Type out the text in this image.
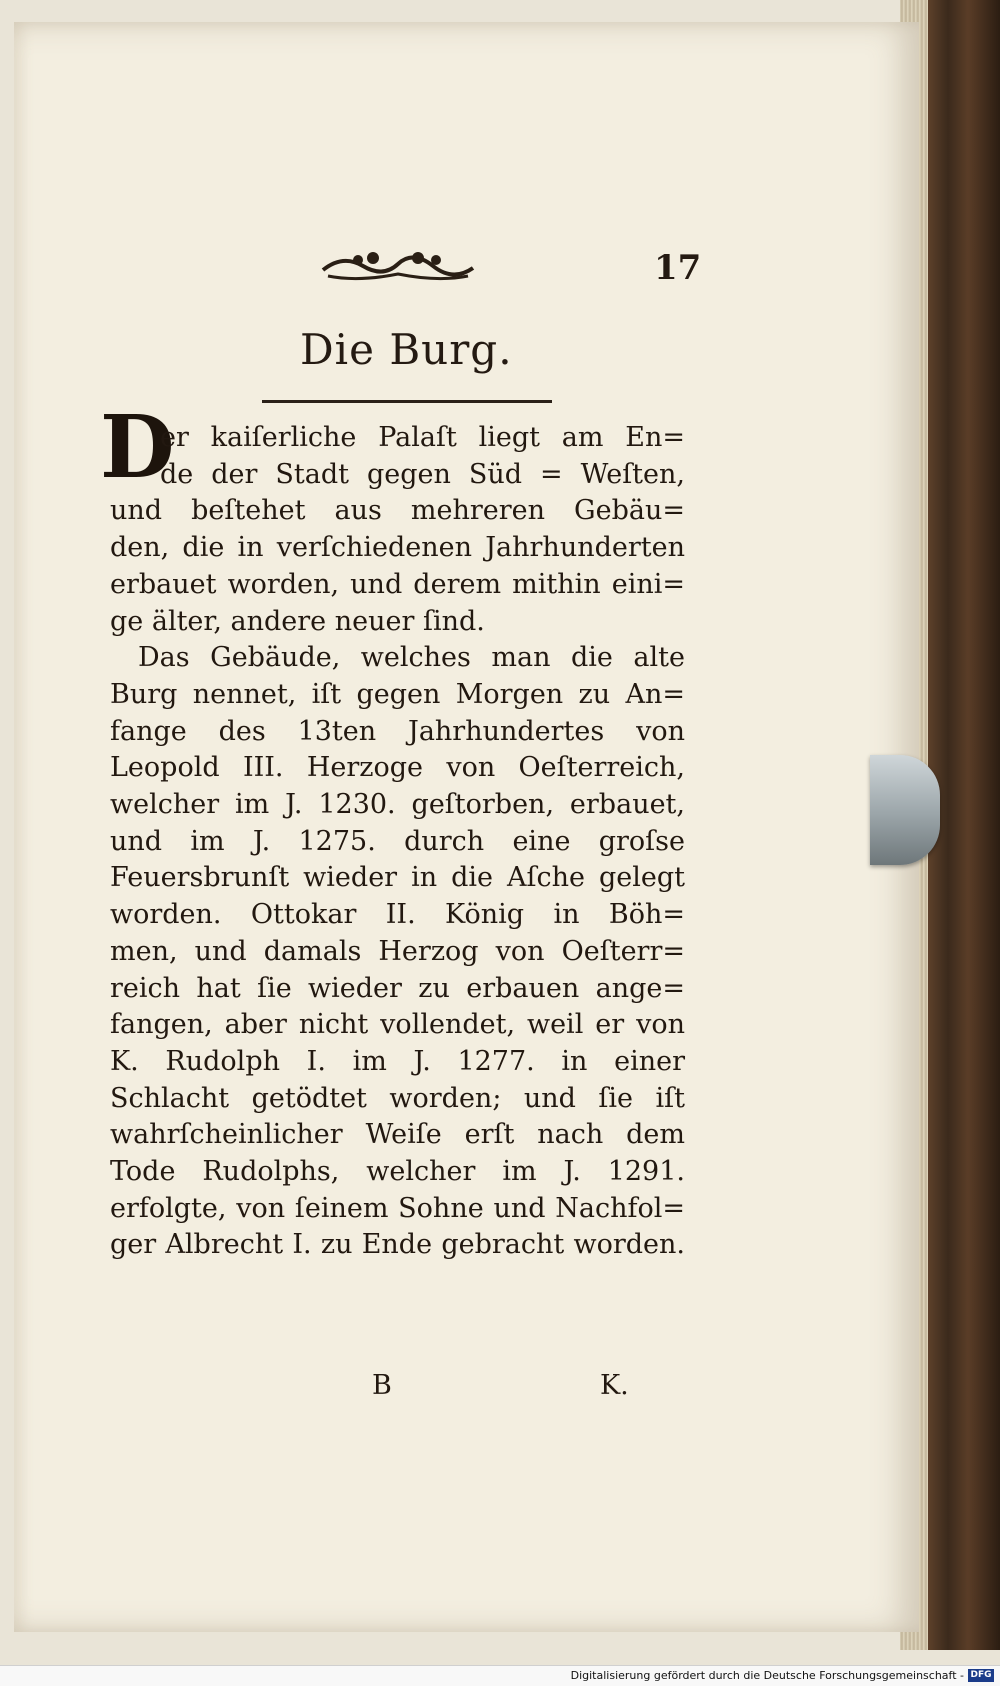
17
Die Burg.
D
er kaiſerliche Palaſt liegt am En=
de der Stadt gegen Süd = Weſten,
und beſtehet aus mehreren Gebäu=
den, die in verſchiedenen Jahrhunderten
erbauet worden, und derem mithin eini=
ge älter, andere neuer ſind.
Das Gebäude, welches man die alte
Burg nennet, iſt gegen Morgen zu An=
fange des 13ten Jahrhundertes von
Leopold III. Herzoge von Oeſterreich,
welcher im J. 1230. geſtorben, erbauet,
und im J. 1275. durch eine groſse
Feuersbrunſt wieder in die Aſche gelegt
worden. Ottokar II. König in Böh=
men, und damals Herzog von Oeſterr=
reich hat ſie wieder zu erbauen ange=
fangen, aber nicht vollendet, weil er von
K. Rudolph I. im J. 1277. in einer
Schlacht getödtet worden; und ſie iſt
wahrſcheinlicher Weiſe erſt nach dem
Tode Rudolphs, welcher im J. 1291.
erfolgte, von ſeinem Sohne und Nachfol=
ger Albrecht I. zu Ende gebracht worden.
B	K.
Digitalisierung gefördert durch die Deutsche Forschungsgemeinschaft - DFG
